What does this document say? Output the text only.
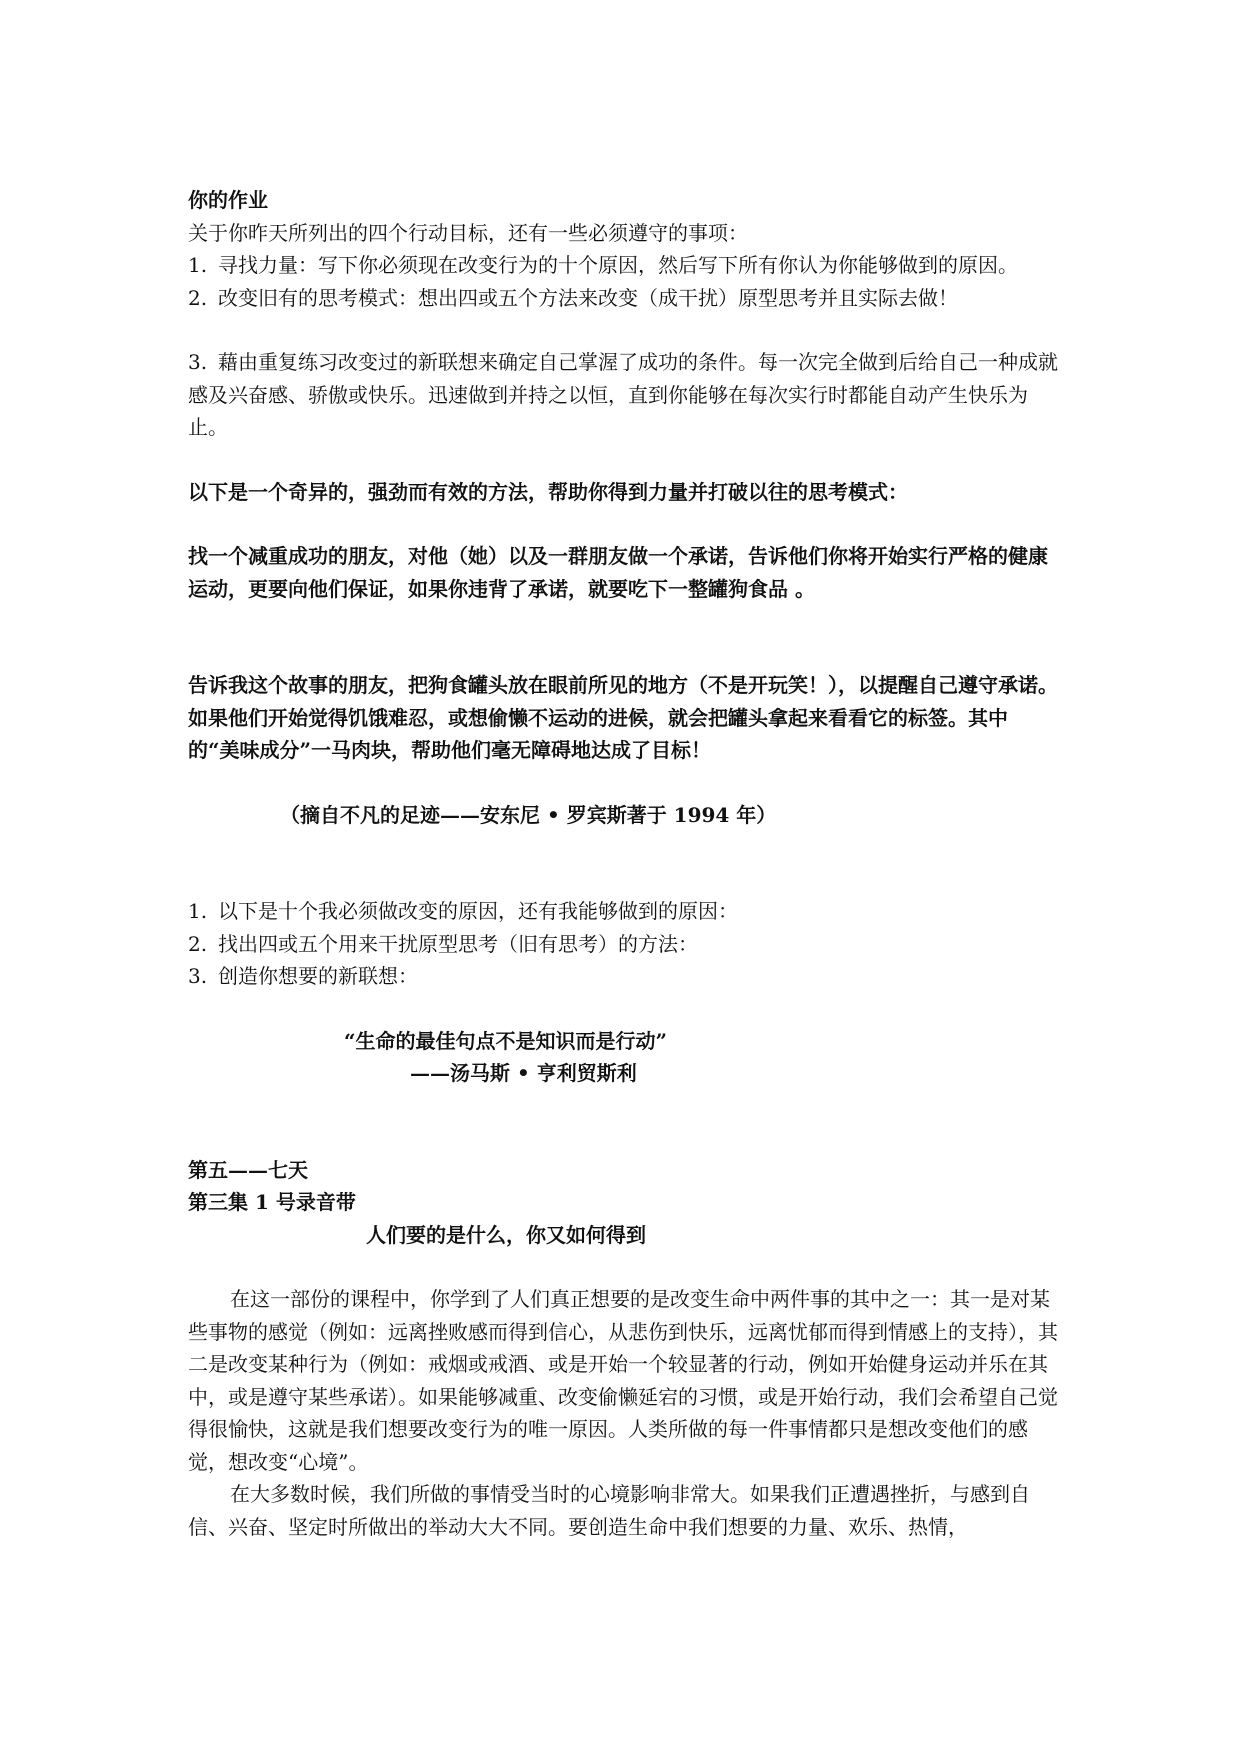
你的作业

关于你昨天所列出的四个行动目标，还有一些必须遵守的事项：

1. 寻找力量：写下你必须现在改变行为的十个原因，然后写下所有你认为你能够做到的原因。

2. 改变旧有的思考模式：想出四或五个方法来改变（成干扰）原型思考并且实际去做！

3. 藉由重复练习改变过的新联想来确定自己掌渥了成功的条件。每一次完全做到后给自己一种成就感及兴奋感、骄傲或快乐。迅速做到并持之以恒，直到你能够在每次实行时都能自动产生快乐为止。

以下是一个奇异的，强劲而有效的方法，帮助你得到力量并打破以往的思考模式：

找一个减重成功的朋友，对他（她）以及一群朋友做一个承诺，告诉他们你将开始实行严格的健康运动，更要向他们保证，如果你违背了承诺，就要吃下一整罐狗食品 。

告诉我这个故事的朋友，把狗食罐头放在眼前所见的地方（不是开玩笑！），以提醒自己遵守承诺。如果他们开始觉得饥饿难忍，或想偷懒不运动的进候，就会把罐头拿起来看看它的标签。其中的“美味成分”一马肉块，帮助他们毫无障碍地达成了目标！

（摘自不凡的足迹——安东尼 • 罗宾斯著于 1994 年）

1. 以下是十个我必须做改变的原因，还有我能够做到的原因：

2. 找出四或五个用来干扰原型思考（旧有思考）的方法：

3. 创造你想要的新联想：

“生命的最佳句点不是知识而是行动”

——汤马斯 • 亨利贸斯利

第五——七天

第三集 1 号录音带

人们要的是什么，你又如何得到

在这一部份的课程中，你学到了人们真正想要的是改变生命中两件事的其中之一：其一是对某些事物的感觉（例如：远离挫败感而得到信心，从悲伤到快乐，远离忧郁而得到情感上的支持），其二是改变某种行为（例如：戒烟或戒酒、或是开始一个较显著的行动，例如开始健身运动并乐在其中，或是遵守某些承诺）。如果能够减重、改变偷懒延宕的习惯，或是开始行动，我们会希望自己觉得很愉快，这就是我们想要改变行为的唯一原因。人类所做的每一件事情都只是想改变他们的感觉，想改变“心境”。

在大多数时候，我们所做的事情受当时的心境影响非常大。如果我们正遭遇挫折，与感到自信、兴奋、坚定时所做出的举动大大不同。要创造生命中我们想要的力量、欢乐、热情，
